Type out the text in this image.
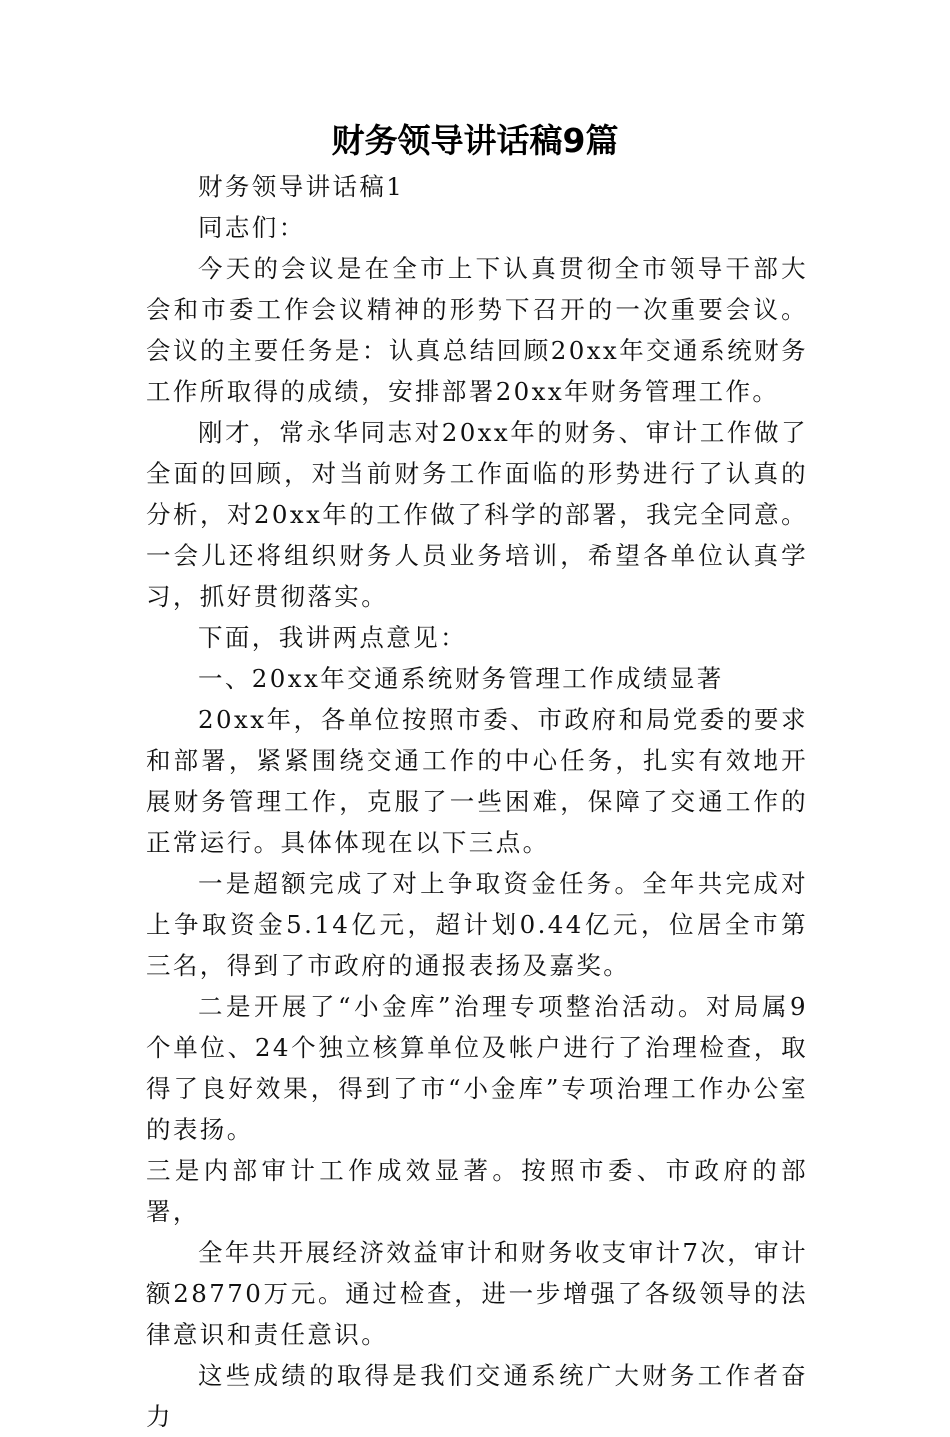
财务领导讲话稿9篇

财务领导讲话稿1

同志们：

今天的会议是在全市上下认真贯彻全市领导干部大会和市委工作会议精神的形势下召开的一次重要会议。会议的主要任务是：认真总结回顾20xx年交通系统财务工作所取得的成绩，安排部署20xx年财务管理工作。

刚才，常永华同志对20xx年的财务、审计工作做了全面的回顾，对当前财务工作面临的形势进行了认真的分析，对20xx年的工作做了科学的部署，我完全同意。一会儿还将组织财务人员业务培训，希望各单位认真学习，抓好贯彻落实。

下面，我讲两点意见：

一、20xx年交通系统财务管理工作成绩显著

20xx年，各单位按照市委、市政府和局党委的要求和部署，紧紧围绕交通工作的中心任务，扎实有效地开展财务管理工作，克服了一些困难，保障了交通工作的正常运行。具体体现在以下三点。

一是超额完成了对上争取资金任务。全年共完成对上争取资金5.14亿元，超计划0.44亿元，位居全市第三名，得到了市政府的通报表扬及嘉奖。

二是开展了“小金库”治理专项整治活动。对局属9个单位、24个独立核算单位及帐户进行了治理检查，取得了良好效果，得到了市“小金库”专项治理工作办公室的表扬。

三是内部审计工作成效显著。按照市委、市政府的部署，

全年共开展经济效益审计和财务收支审计7次，审计额28770万元。通过检查，进一步增强了各级领导的法律意识和责任意识。

这些成绩的取得是我们交通系统广大财务工作者奋力
